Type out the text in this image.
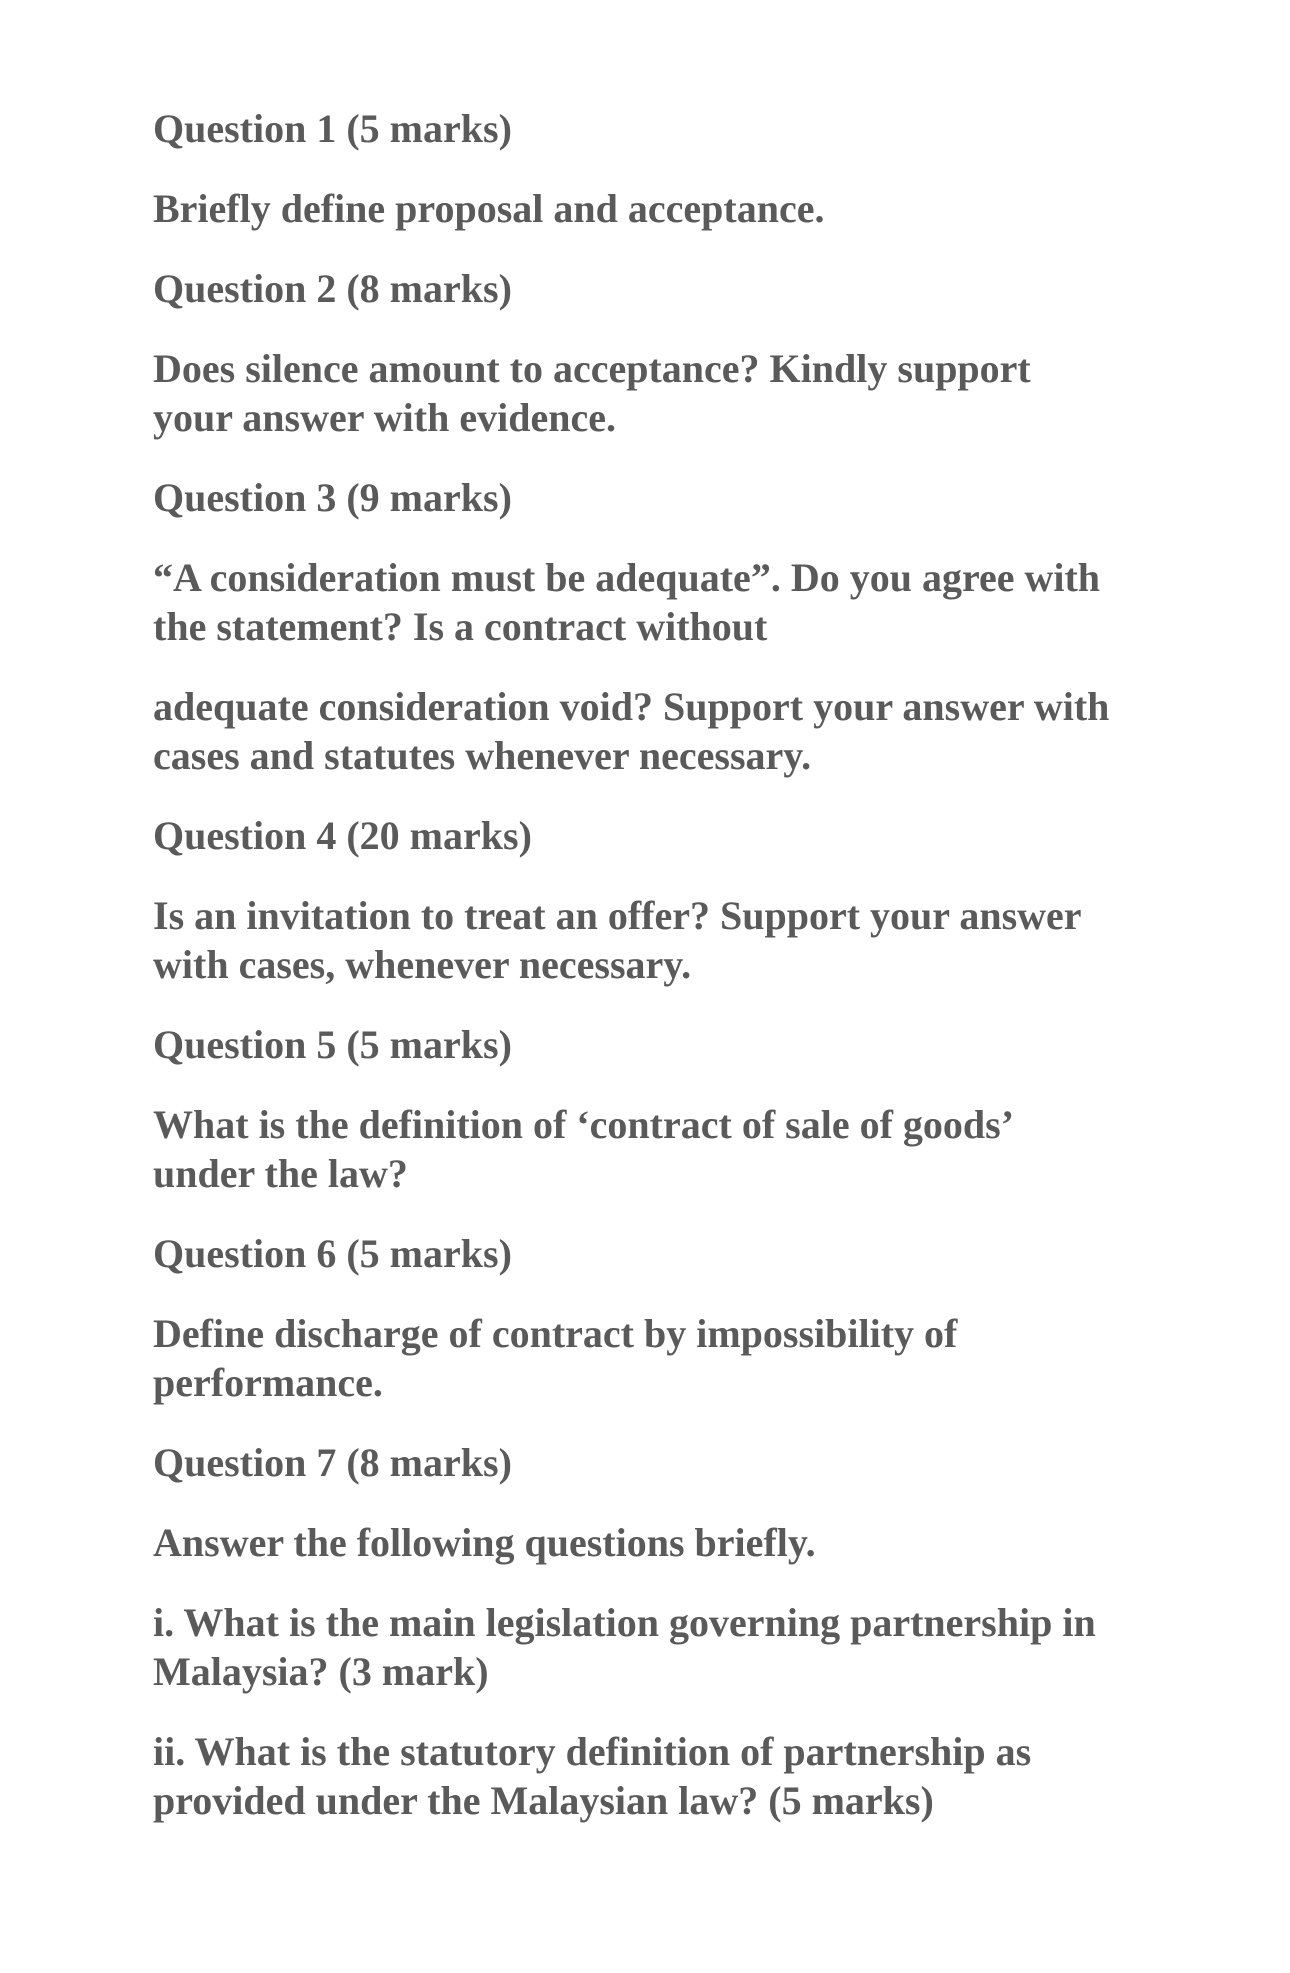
Question 1 (5 marks)

Briefly define proposal and acceptance.

Question 2 (8 marks)

Does silence amount to acceptance? Kindly support
your answer with evidence.

Question 3 (9 marks)

“A consideration must be adequate”. Do you agree with
the statement? Is a contract without

adequate consideration void? Support your answer with
cases and statutes whenever necessary.

Question 4 (20 marks)

Is an invitation to treat an offer? Support your answer
with cases, whenever necessary.

Question 5 (5 marks)

What is the definition of ‘contract of sale of goods’
under the law?

Question 6 (5 marks)

Define discharge of contract by impossibility of
performance.

Question 7 (8 marks)

Answer the following questions briefly.

i. What is the main legislation governing partnership in
Malaysia? (3 mark)

ii. What is the statutory definition of partnership as
provided under the Malaysian law? (5 marks)
